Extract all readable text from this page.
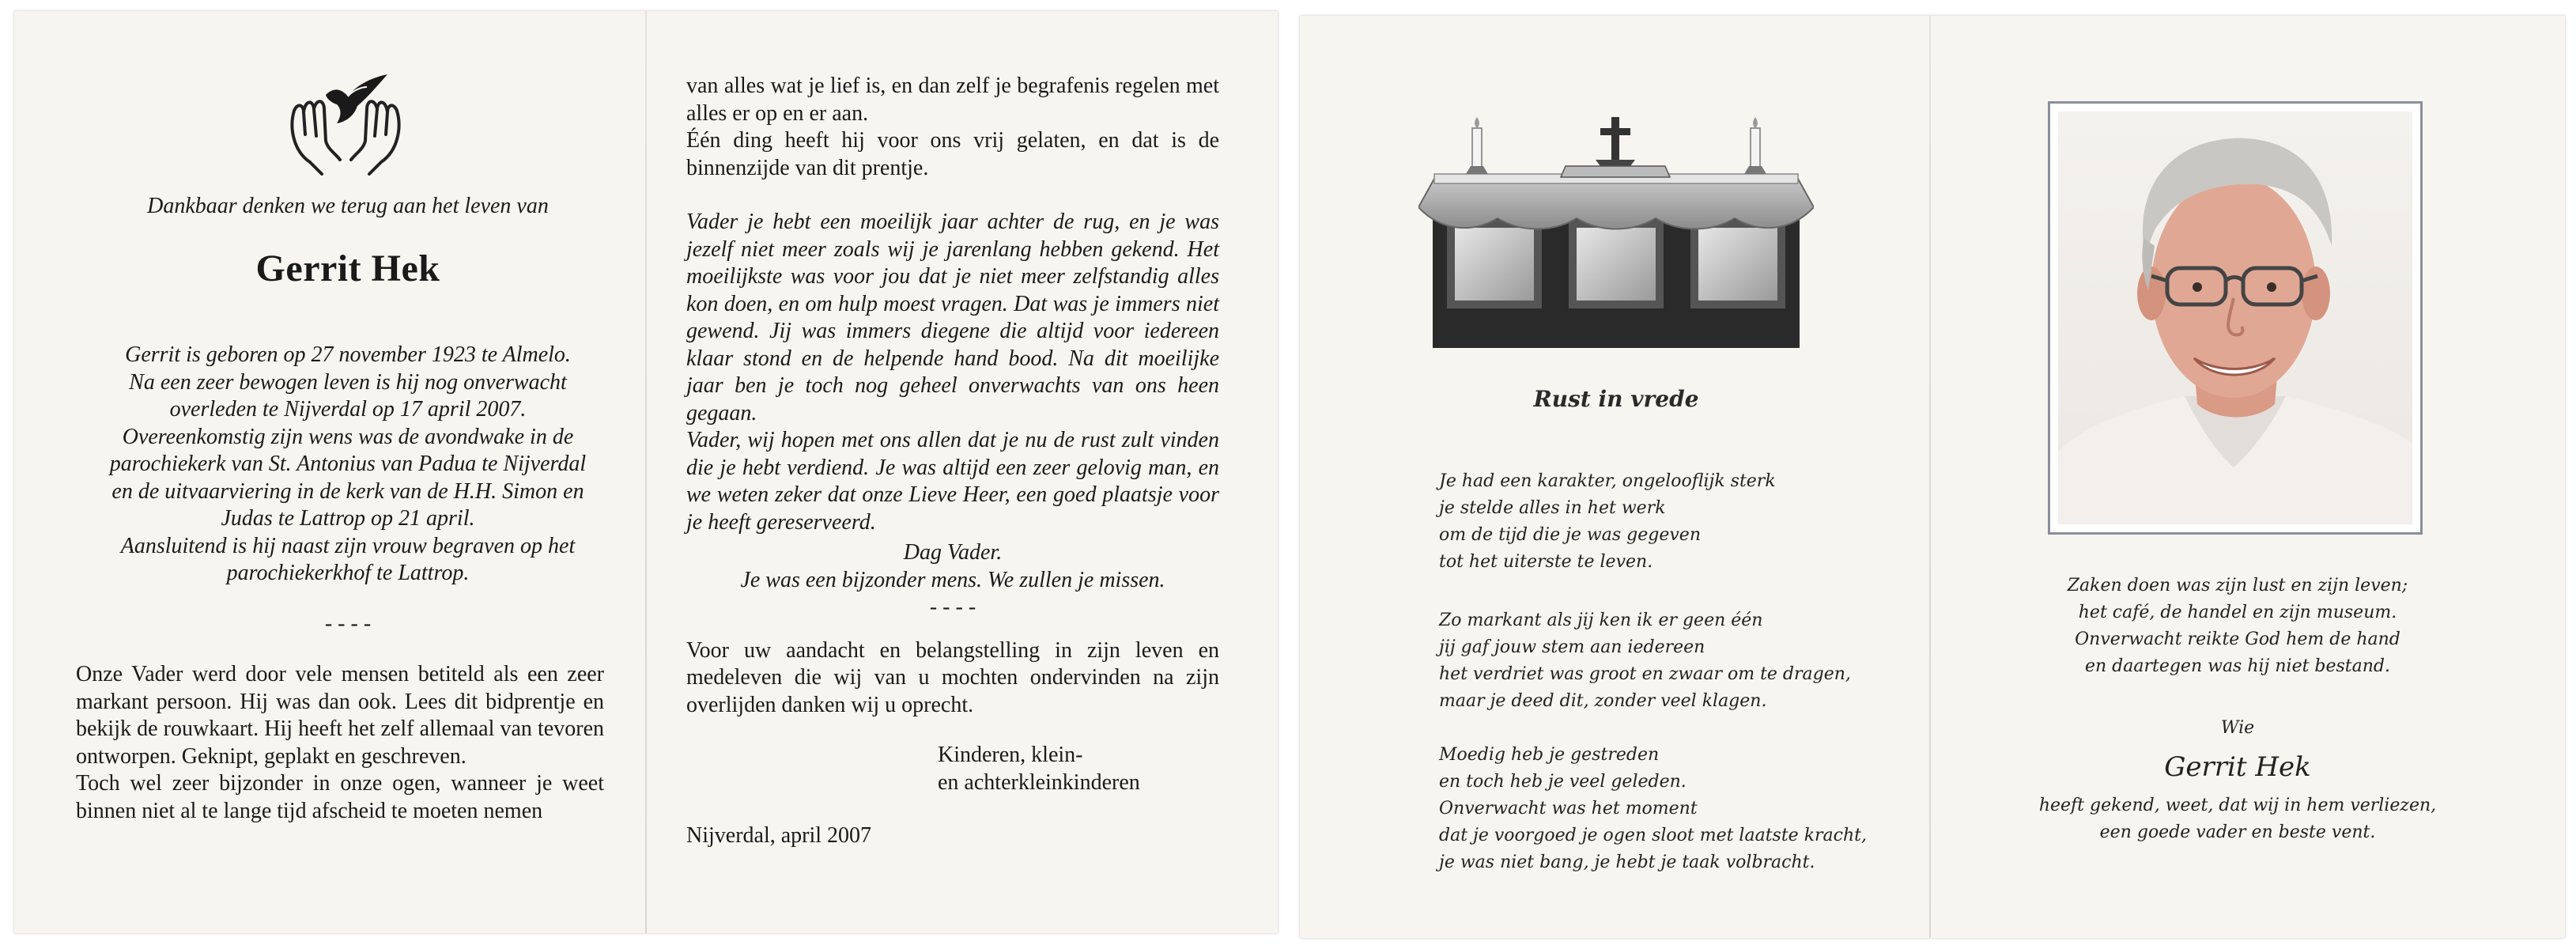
Dankbaar denken we terug aan het leven van

Gerrit Hek

Gerrit is geboren op 27 november 1923 te Almelo.

Na een zeer bewogen leven is hij nog onverwacht

overleden te Nijverdal op 17 april 2007.

Overeenkomstig zijn wens was de avondwake in de

parochiekerk van St. Antonius van Padua te Nijverdal

en de uitvaarviering in de kerk van de H.H. Simon en

Judas te Lattrop op 21 april.

Aansluitend is hij naast zijn vrouw begraven op het

parochiekerkhof te Lattrop.

- - - -

Onze Vader werd door vele mensen betiteld als een zeer markant persoon. Hij was dan ook. Lees dit bidprentje en bekijk de rouwkaart. Hij heeft het zelf allemaal van tevoren ontworpen. Geknipt, geplakt en geschreven.

Toch wel zeer bijzonder in onze ogen, wanneer je weet binnen niet al te lange tijd afscheid te moeten nemen

van alles wat je lief is, en dan zelf je begrafenis regelen met alles er op en er aan.

Één ding heeft hij voor ons vrij gelaten, en dat is de binnenzijde van dit prentje.

Vader je hebt een moeilijk jaar achter de rug, en je was jezelf niet meer zoals wij je jarenlang hebben gekend. Het moeilijkste was voor jou dat je niet meer zelfstandig alles kon doen, en om hulp moest vragen. Dat was je immers niet gewend. Jij was immers diegene die altijd voor iedereen klaar stond en de helpende hand bood. Na dit moeilijke jaar ben je toch nog geheel onverwachts van ons heen gegaan.

Vader, wij hopen met ons allen dat je nu de rust zult vinden die je hebt verdiend. Je was altijd een zeer gelovig man, en we weten zeker dat onze Lieve Heer, een goed plaatsje voor je heeft gereserveerd.

Dag Vader.

Je was een bijzonder mens. We zullen je missen.

- - - -

Voor uw aandacht en belangstelling in zijn leven en medeleven die wij van u mochten ondervinden na zijn overlijden danken wij u oprecht.

Kinderen, klein-

en achterkleinkinderen

Nijverdal, april 2007

Rust in vrede
Je had een karakter, ongelooflijk sterk
je stelde alles in het werk
om de tijd die je was gegeven
tot het uiterste te leven.
Zo markant als jij ken ik er geen één
jij gaf jouw stem aan iedereen
het verdriet was groot en zwaar om te dragen,
maar je deed dit, zonder veel klagen.
Moedig heb je gestreden
en toch heb je veel geleden.
Onverwacht was het moment
dat je voorgoed je ogen sloot met laatste kracht,
je was niet bang, je hebt je taak volbracht.
Zaken doen was zijn lust en zijn leven;
het café, de handel en zijn museum.
Onverwacht reikte God hem de hand
en daartegen was hij niet bestand.
Wie
Gerrit Hek
heeft gekend, weet, dat wij in hem verliezen,
een goede vader en beste vent.
